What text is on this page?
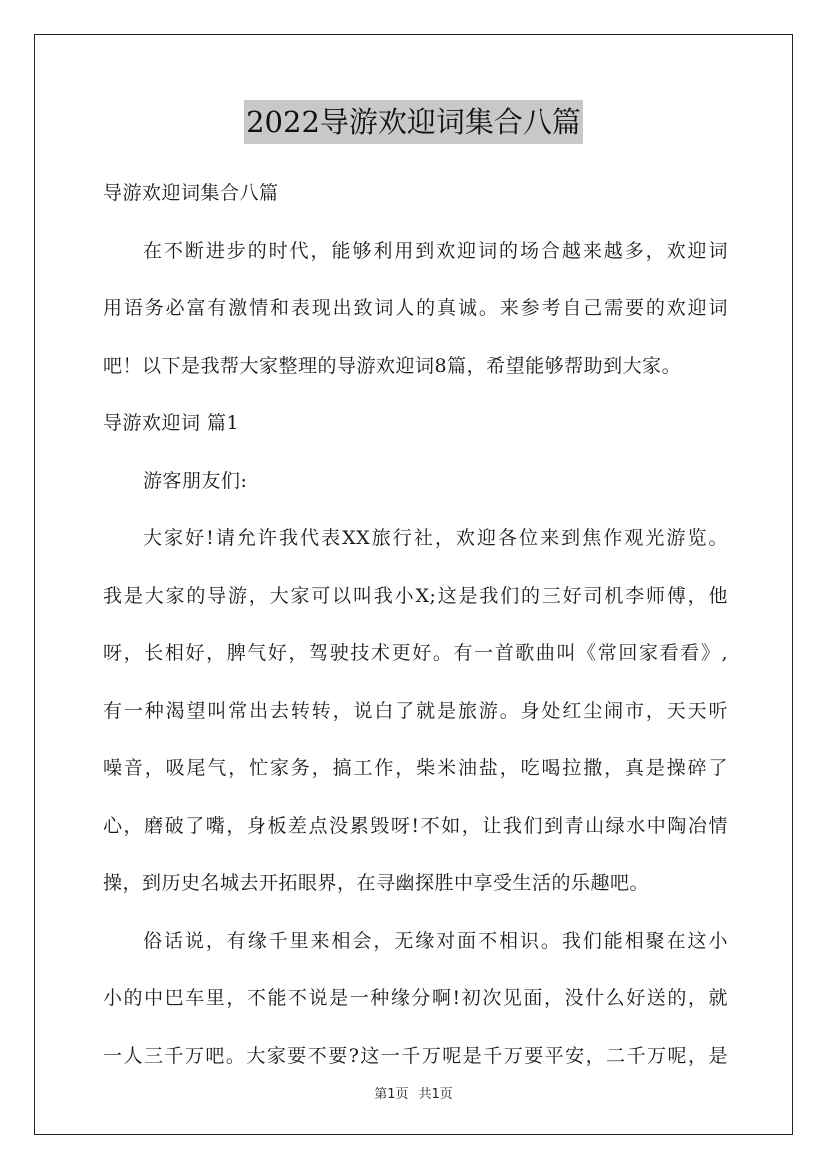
2022导游欢迎词集合八篇
导游欢迎词集合八篇
在不断进步的时代，能够利用到欢迎词的场合越来越多，欢迎词
用语务必富有激情和表现出致词人的真诚。来参考自己需要的欢迎词
吧！以下是我帮大家整理的导游欢迎词8篇，希望能够帮助到大家。
导游欢迎词 篇1
游客朋友们:
大家好!请允许我代表XX旅行社，欢迎各位来到焦作观光游览。
我是大家的导游，大家可以叫我小X;这是我们的三好司机李师傅，他
呀，长相好，脾气好，驾驶技术更好。有一首歌曲叫《常回家看看》,
有一种渴望叫常出去转转，说白了就是旅游。身处红尘闹市，天天听
噪音，吸尾气，忙家务，搞工作，柴米油盐，吃喝拉撒，真是操碎了
心，磨破了嘴，身板差点没累毁呀!不如，让我们到青山绿水中陶冶情
操，到历史名城去开拓眼界，在寻幽探胜中享受生活的乐趣吧。
俗话说，有缘千里来相会，无缘对面不相识。我们能相聚在这小
小的中巴车里，不能不说是一种缘分啊!初次见面，没什么好送的，就
一人三千万吧。大家要不要?这一千万呢是千万要平安，二千万呢，是
第1页 共1页
